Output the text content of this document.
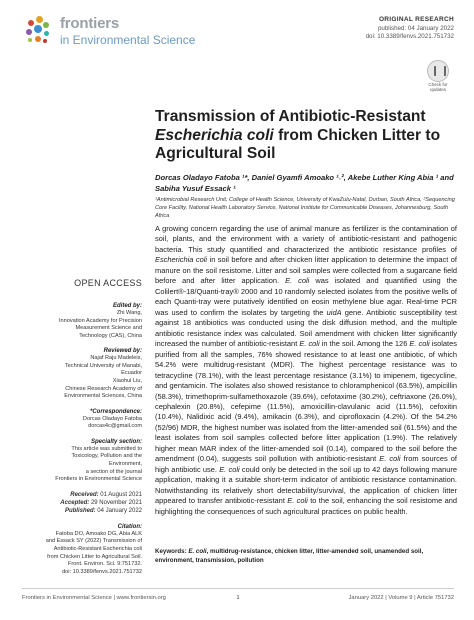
frontiers
in Environmental Science
ORIGINAL RESEARCH
published: 04 January 2022
doi: 10.3389/fenvs.2021.751732
Check for updates
Transmission of Antibiotic-Resistant
Escherichia coli from Chicken Litter to
Agricultural Soil
Dorcas Oladayo Fatoba ¹*, Daniel Gyamfi Amoako ¹˒², Akebe Luther King Abia ¹ and
Sabiha Yusuf Essack ¹
¹Antimicrobial Research Unit, College of Health Science, University of KwaZulu-Natal, Durban, South Africa, ²Sequencing Core Facility, National Health Laboratory Service, National Institute for Communicable Diseases, Johannesburg, South Africa
A growing concern regarding the use of animal manure as fertilizer is the contamination of soil, plants, and the environment with a variety of antibiotic-resistant and pathogenic bacteria. This study quantified and characterized the antibiotic resistance profiles of Escherichia coli in soil before and after chicken litter application to determine the impact of manure on the soil resistome. Litter and soil samples were collected from a sugarcane field before and after litter application. E. coli was isolated and quantified using the Colilert®-18/Quanti-tray® 2000 and 10 randomly selected isolates from the positive wells of each Quanti-tray were putatively identified on eosin methylene blue agar. Real-time PCR was used to confirm the isolates by targeting the uidA gene. Antibiotic susceptibility test against 18 antibiotics was conducted using the disk diffusion method, and the multiple antibiotic resistance index was calculated. Soil amendment with chicken litter significantly increased the number of antibiotic-resistant E. coli in the soil. Among the 126 E. coli isolates purified from all the samples, 76% showed resistance to at least one antibiotic, of which 54.2% were multidrug-resistant (MDR). The highest percentage resistance was to tetracycline (78.1%), with the least percentage resistance (3.1%) to imipenem, tigecycline, and gentamicin. The isolates also showed resistance to chloramphenicol (63.5%), ampicillin (58.3%), trimethoprim-sulfamethoxazole (39.6%), cefotaxime (30.2%), ceftriaxone (26.0%), cephalexin (20.8%), cefepime (11.5%), amoxicillin-clavulanic acid (11.5%), cefoxitin (10.4%), Nalidixic acid (9.4%), amikacin (6.3%), and ciprofloxacin (4.2%). Of the 54.2% (52/96) MDR, the highest number was isolated from the litter-amended soil (61.5%) and the least isolates from soil samples collected before litter application (1.9%). The relatively higher mean MAR index of the litter-amended soil (0.14), compared to the soil before the amendment (0.04), suggests soil pollution with antibiotic-resistant E. coli from sources of high antibiotic use. E. coli could only be detected in the soil up to 42 days following manure application, making it a suitable short-term indicator of antibiotic resistance contamination. Notwithstanding its relatively short detectability/survival, the application of chicken litter appeared to transfer antibiotic-resistant E. coli to the soil, enhancing the soil resistome and highlighting the consequences of such agricultural practices on public health.
Keywords: E. coli, multidrug-resistance, chicken litter, litter-amended soil, unamended soil, environment, transmission, pollution
OPEN ACCESS
Edited by:
Zhi Wang,
Innovation Academy for Precision
Measurement Science and
Technology (CAS), China
Reviewed by:
Najaf Raju Madeleis,
Technical University of Manabi,
Ecuador
Xiaohui Liu,
Chinese Research Academy of
Environmental Sciences, China
*Correspondence:
Dorcas Oladayo Fatoba
dorcas4c@gmail.com
Specialty section:
This article was submitted to
Toxicology, Pollution and the
Environment,
a section of the journal
Frontiers in Environmental Science
Received: 01 August 2021
Accepted: 29 November 2021
Published: 04 January 2022
Citation:
Fatoba DO, Amoako DG, Abia ALK
and Essack SY (2022) Transmission of
Antibiotic-Resistant Escherichia coli
from Chicken Litter to Agricultural Soil.
Front. Environ. Sci. 9:751732.
doi: 10.3389/fenvs.2021.751732
Frontiers in Environmental Science | www.frontiersin.org	1	January 2022 | Volume 9 | Article 751732
